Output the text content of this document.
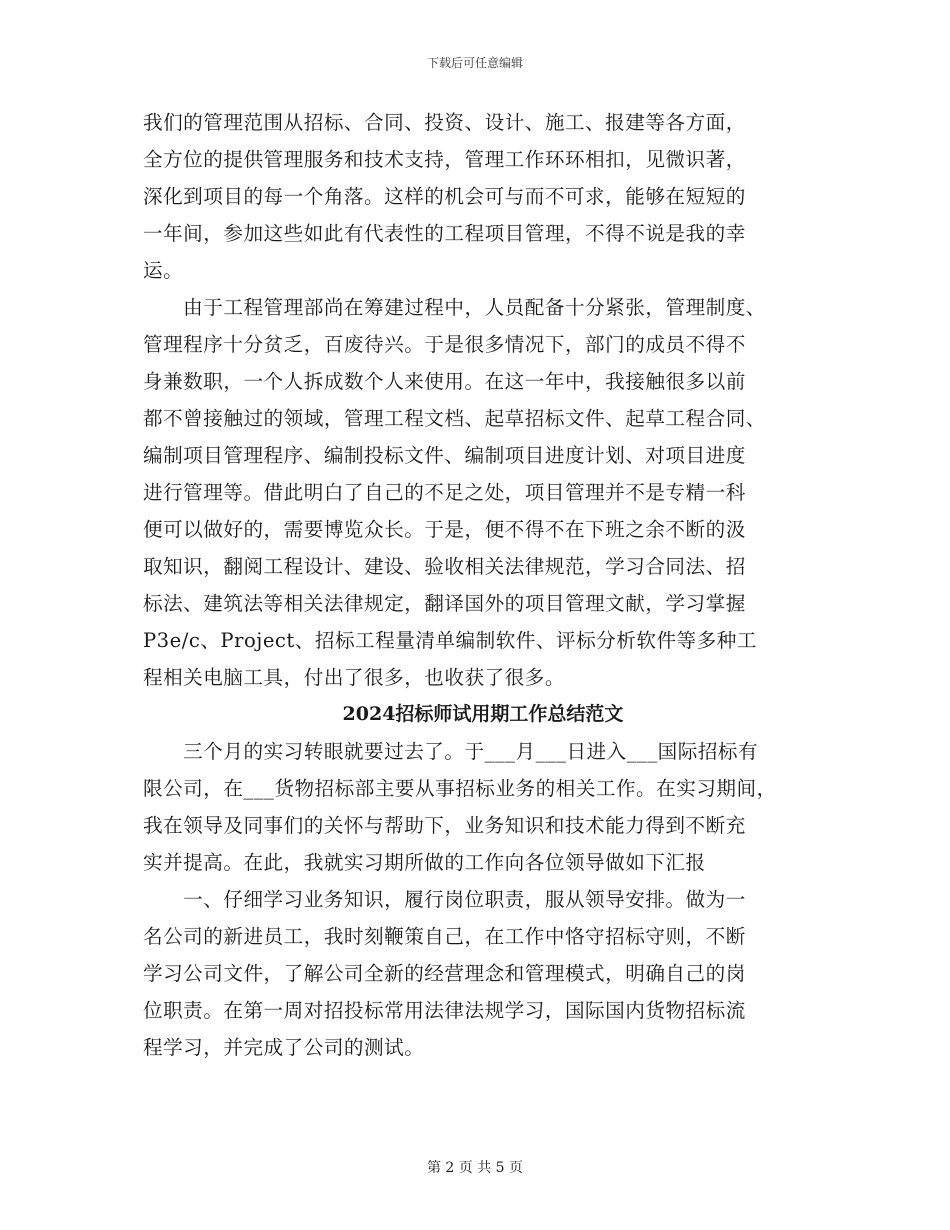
下载后可任意编辑
我们的管理范围从招标、合同、投资、设计、施工、报建等各方面，
全方位的提供管理服务和技术支持，管理工作环环相扣，见微识著，
深化到项目的每一个角落。这样的机会可与而不可求，能够在短短的
一年间，参加这些如此有代表性的工程项目管理，不得不说是我的幸
运。
　　由于工程管理部尚在筹建过程中，人员配备十分紧张，管理制度、
管理程序十分贫乏，百废待兴。于是很多情况下，部门的成员不得不
身兼数职，一个人拆成数个人来使用。在这一年中，我接触很多以前
都不曾接触过的领域，管理工程文档、起草招标文件、起草工程合同、
编制项目管理程序、编制投标文件、编制项目进度计划、对项目进度
进行管理等。借此明白了自己的不足之处，项目管理并不是专精一科
便可以做好的，需要博览众长。于是，便不得不在下班之余不断的汲
取知识，翻阅工程设计、建设、验收相关法律规范，学习合同法、招
标法、建筑法等相关法律规定，翻译国外的项目管理文献，学习掌握
P3e/c、Project、招标工程量清单编制软件、评标分析软件等多种工
程相关电脑工具，付出了很多，也收获了很多。
2024招标师试用期工作总结范文
　　三个月的实习转眼就要过去了。于___月___日进入___国际招标有
限公司，在___货物招标部主要从事招标业务的相关工作。在实习期间，
我在领导及同事们的关怀与帮助下，业务知识和技术能力得到不断充
实并提高。在此，我就实习期所做的工作向各位领导做如下汇报
　　一、仔细学习业务知识，履行岗位职责，服从领导安排。做为一
名公司的新进员工，我时刻鞭策自己，在工作中恪守招标守则，不断
学习公司文件，了解公司全新的经营理念和管理模式，明确自己的岗
位职责。在第一周对招投标常用法律法规学习，国际国内货物招标流
程学习，并完成了公司的测试。
第 2 页 共 5 页
